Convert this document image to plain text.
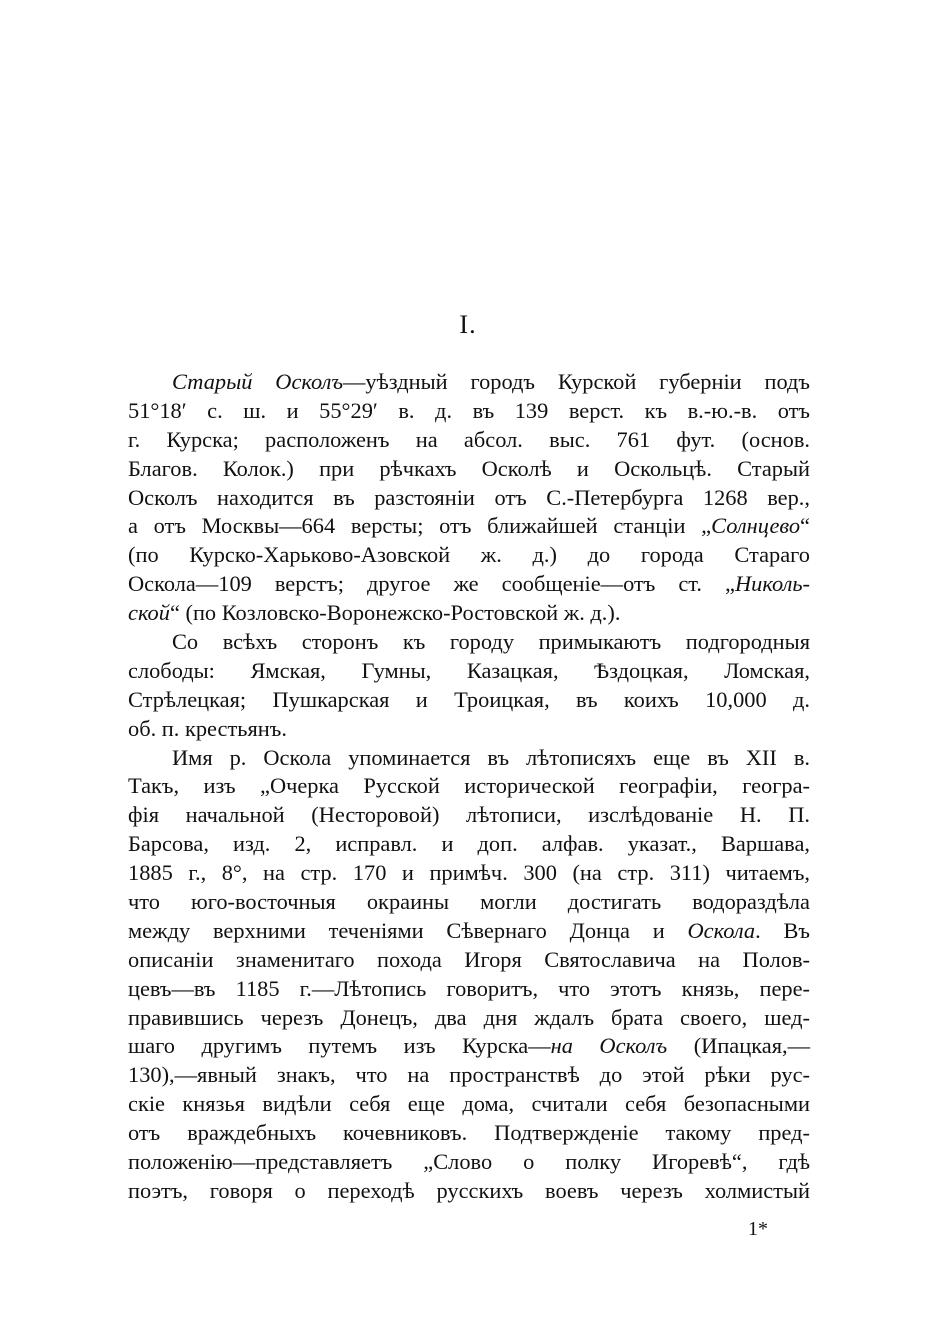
I.
Старый Осколъ—уѣздный городъ Курской губерніи подъ
51°18′ с. ш. и 55°29′ в. д. въ 139 верст. къ в.-ю.-в. отъ
г. Курска; расположенъ на абсол. выс. 761 фут. (основ.
Благов. Колок.) при рѣчкахъ Осколѣ и Оскольцѣ. Старый
Осколъ находится въ разстояніи отъ С.-Петербурга 1268 вер.,
а отъ Москвы—664 версты; отъ ближайшей станціи „Солнцево“
(по Курско-Харьково-Азовской ж. д.) до города Стараго
Оскола—109 верстъ; другое же сообщеніе—отъ ст. „Николь-
ской“ (по Козловско-Воронежско-Ростовской ж. д.).
Со всѣхъ сторонъ къ городу примыкаютъ подгородныя
слободы: Ямская, Гумны, Казацкая, Ѣздоцкая, Ломская,
Стрѣлецкая; Пушкарская и Троицкая, въ коихъ 10,000 д.
об. п. крестьянъ.
Имя р. Оскола упоминается въ лѣтописяхъ еще въ XII в.
Такъ, изъ „Очерка Русской исторической географіи, геогра-
фія начальной (Несторовой) лѣтописи, изслѣдованіе Н. П.
Барсова, изд. 2, исправл. и доп. алфав. указат., Варшава,
1885 г., 8°, на стр. 170 и примѣч. 300 (на стр. 311) читаемъ,
что юго-восточныя окраины могли достигать водораздѣла
между верхними теченіями Сѣвернаго Донца и Оскола. Въ
описаніи знаменитаго похода Игоря Святославича на Полов-
цевъ—въ 1185 г.—Лѣтопись говоритъ, что этотъ князь, пере-
правившись черезъ Донецъ, два дня ждалъ брата своего, шед-
шаго другимъ путемъ изъ Курска—на Осколъ (Ипацкая,—
130),—явный знакъ, что на пространствѣ до этой рѣки рус-
скіе князья видѣли себя еще дома, считали себя безопасными
отъ враждебныхъ кочевниковъ. Подтвержденіе такому пред-
положенію—представляетъ „Слово о полку Игоревѣ“, гдѣ
поэтъ, говоря о переходѣ русскихъ воевъ черезъ холмистый
1*
